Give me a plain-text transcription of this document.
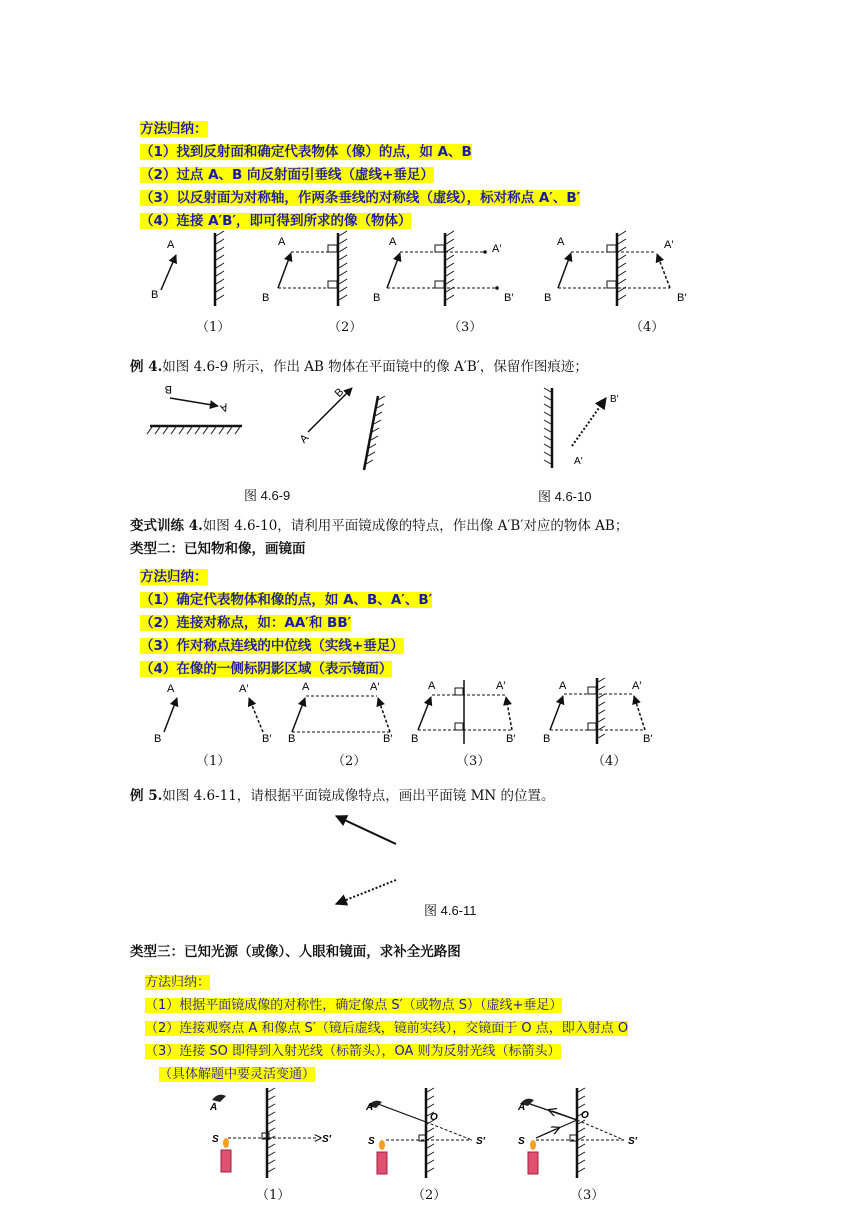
方法归纳：
（1）找到反射面和确定代表物体（像）的点，如 A、B
（2）过点 A、B 向反射面引垂线（虚线+垂足）
（3）以反射面为对称轴，作两条垂线的对称线（虚线），标对称点 A′、B′
（4）连接 A′B′，即可得到所求的像（物体）
A
B
A
B
A
B
A′
B′
A
B
A′
B′
（1）	（2）	（3）	（4）
例 4.如图 4.6-9 所示，作出 AB 物体在平面镜中的像 A′B′，保留作图痕迹；
B
A
A
B	B′
A′
图 4.6-9	图 4.6-10
变式训练 4.如图 4.6-10，请利用平面镜成像的特点，作出像 A′B′对应的物体 AB；
类型二：已知物和像，画镜面
方法归纳：
（1）确定代表物体和像的点，如 A、B、A′、B′
（2）连接对称点，如：AA′和 BB′
（3）作对称点连线的中位线（实线+垂足）
（4）在像的一侧标阴影区域（表示镜面）
A
B
A′
B′
A
B
A′
B′
A
B
A′
B′
A
B
A′
B′
（1）	（2）	（3）	（4）
例 5.如图 4.6-11，请根据平面镜成像特点，画出平面镜 MN 的位置。
图 4.6-11
类型三：已知光源（或像）、人眼和镜面，求补全光路图
方法归纳：
（1）根据平面镜成像的对称性，确定像点 S′（或物点 S）（虚线+垂足）
（2）连接观察点 A 和像点 S′（镜后虚线，镜前实线），交镜面于 O 点，即入射点 O
（3）连接 SO 即得到入射光线（标箭头），OA 则为反射光线（标箭头）
（具体解题中要灵活变通）
A
S	S′
A
O
S	S′
A
O
S	S′
（1）	（2）	（3）
